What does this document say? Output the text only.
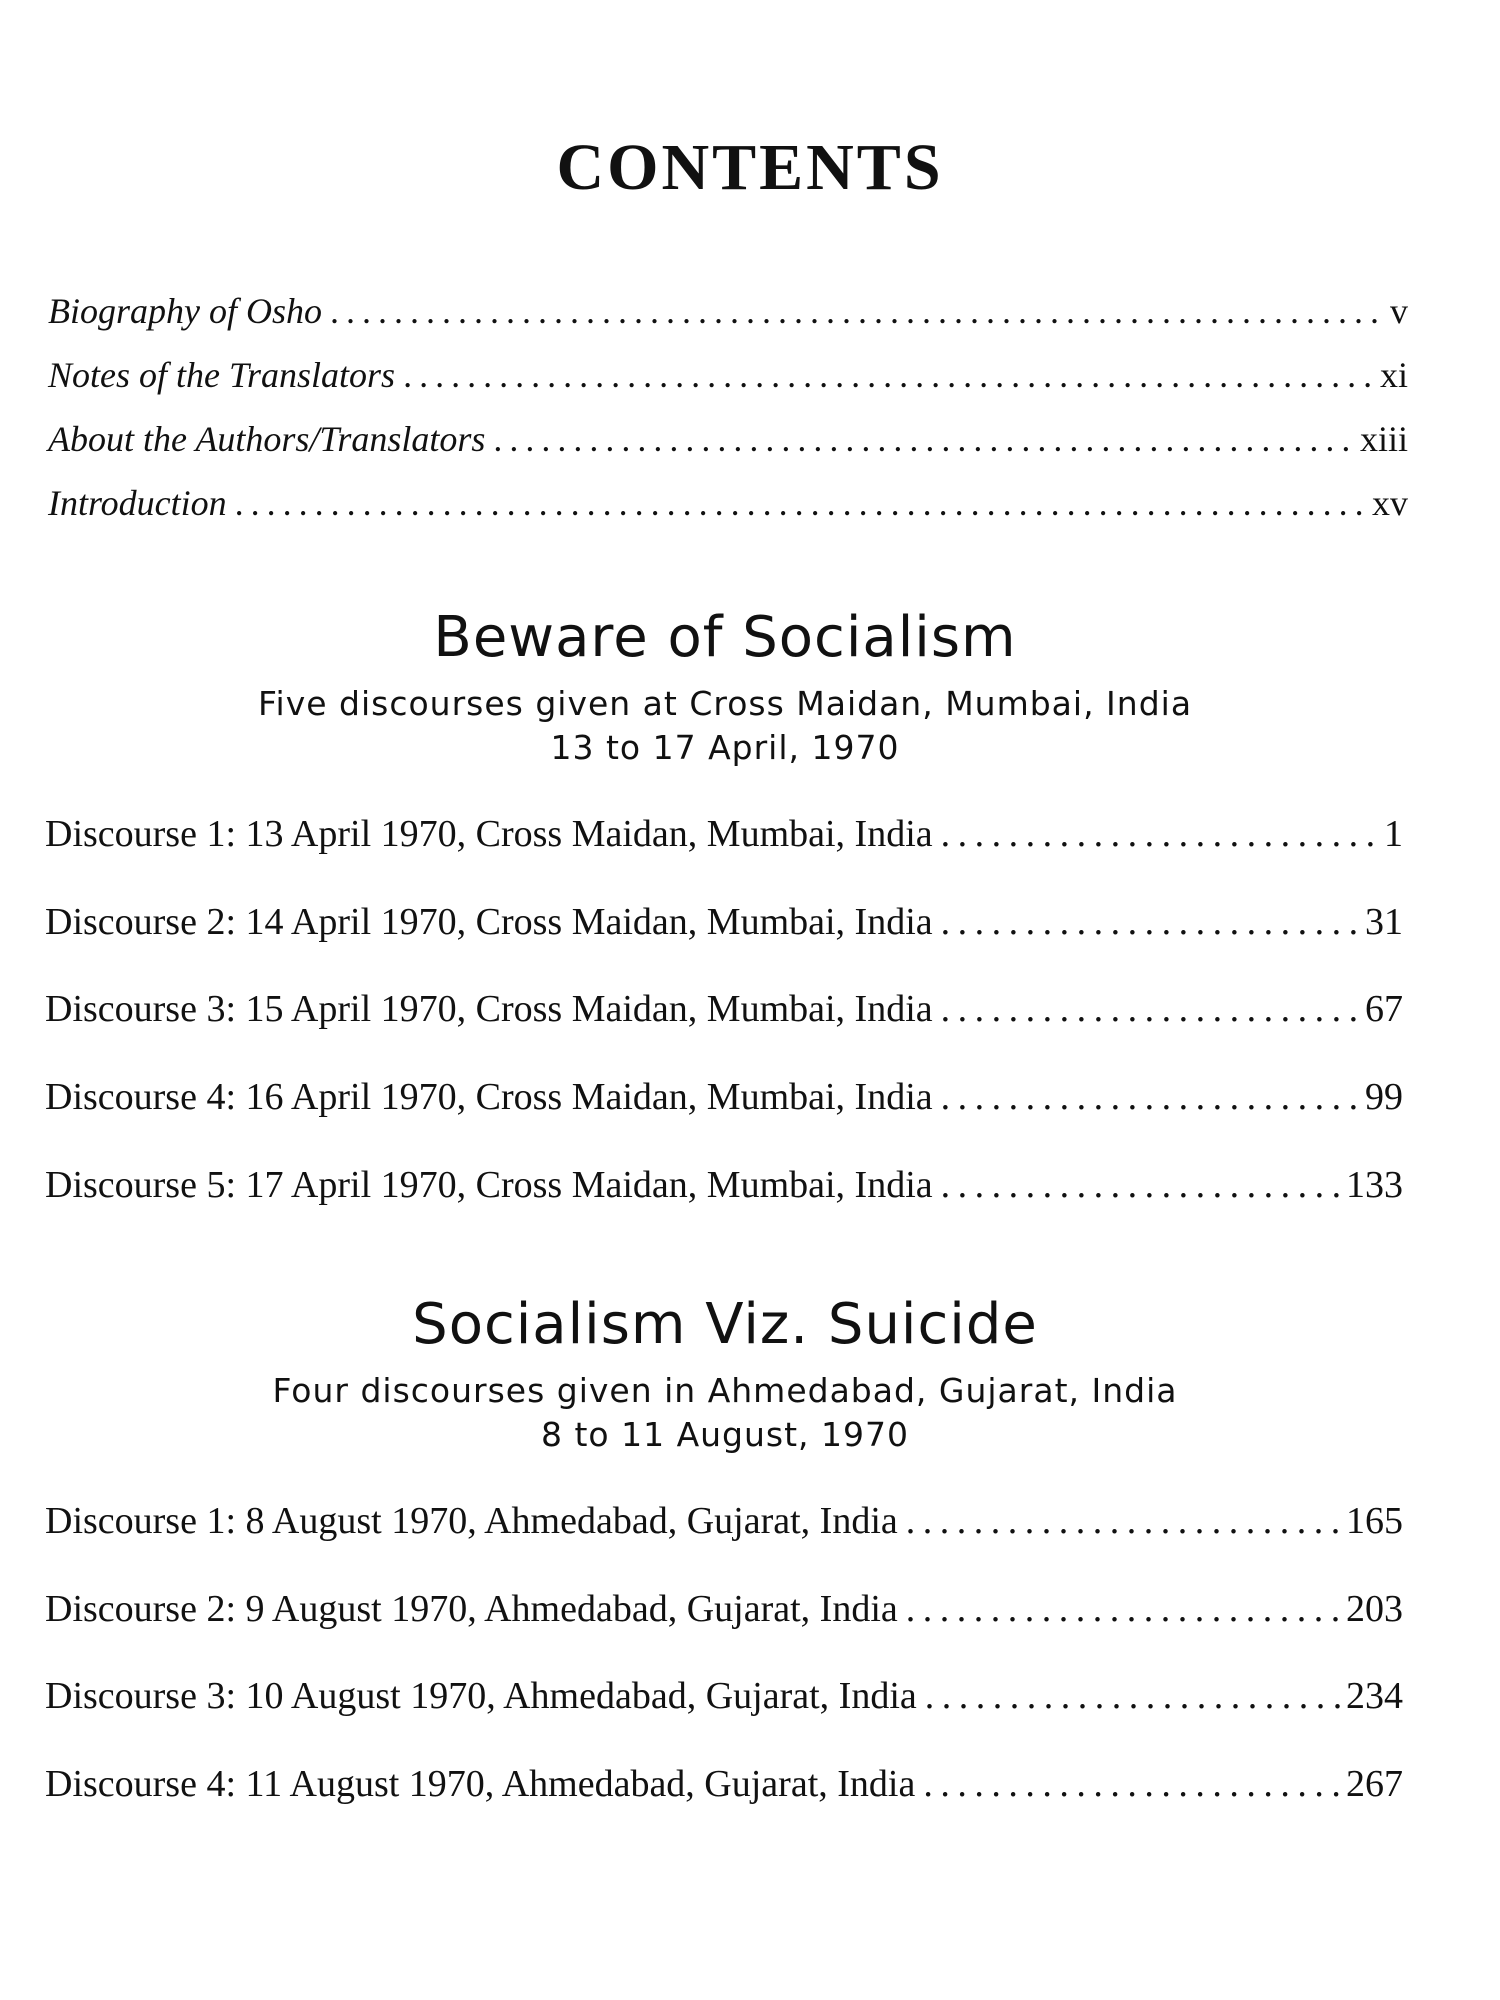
CONTENTS
Biography of Osho . . .	v
Notes of the Translators . . .	xi
About the Authors/Translators . . .	xiii
Introduction . . .	xv
Beware of Socialism
Five discourses given at Cross Maidan, Mumbai, India
13 to 17 April, 1970
Discourse 1: 13 April 1970, Cross Maidan, Mumbai, India . . .	1
Discourse 2: 14 April 1970, Cross Maidan, Mumbai, India . . .	31
Discourse 3: 15 April 1970, Cross Maidan, Mumbai, India . . .	67
Discourse 4: 16 April 1970, Cross Maidan, Mumbai, India . . .	99
Discourse 5: 17 April 1970, Cross Maidan, Mumbai, India . . .	133
Socialism Viz. Suicide
Four discourses given in Ahmedabad, Gujarat, India
8 to 11 August, 1970
Discourse 1: 8 August 1970, Ahmedabad, Gujarat, India . . .	165
Discourse 2: 9 August 1970, Ahmedabad, Gujarat, India . . .	203
Discourse 3: 10 August 1970, Ahmedabad, Gujarat, India . . .	234
Discourse 4: 11 August 1970, Ahmedabad, Gujarat, India . . .	267
